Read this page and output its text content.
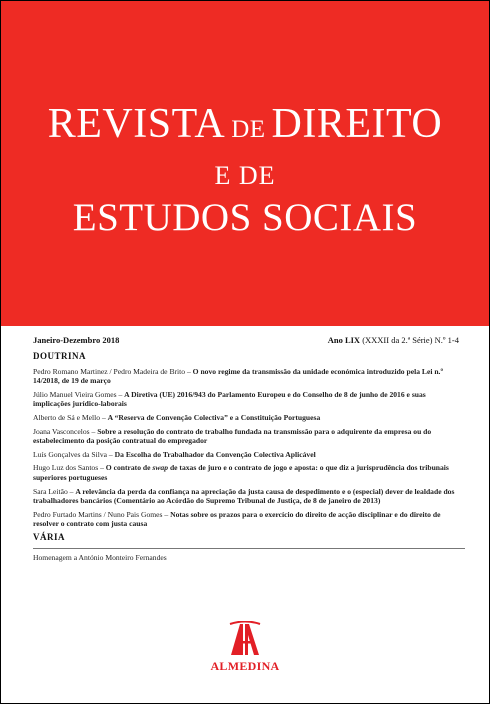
REVISTA DE DIREITO
E DE
ESTUDOS SOCIAIS
Janeiro-Dezembro 2018	Ano LIX (XXXII da 2.ª Série) N.º 1-4
DOUTRINA
Pedro Romano Martinez / Pedro Madeira de Brito – O novo regime da transmissão da unidade económica introduzido pela Lei n.º 14/2018, de 19 de março
Júlio Manuel Vieira Gomes – A Diretiva (UE) 2016/943 do Parlamento Europeu e do Conselho de 8 de junho de 2016 e suas implicações jurídico-laborais
Alberto de Sá e Mello – A “Reserva de Convenção Colectiva” e a Constituição Portuguesa
Joana Vasconcelos – Sobre a resolução do contrato de trabalho fundada na transmissão para o adquirente da empresa ou do estabelecimento da posição contratual do empregador
Luís Gonçalves da Silva – Da Escolha do Trabalhador da Convenção Colectiva Aplicável
Hugo Luz dos Santos – O contrato de swap de taxas de juro e o contrato de jogo e aposta: o que diz a jurisprudência dos tribunais superiores portugueses
Sara Leitão – A relevância da perda da confiança na apreciação da justa causa de despedimento e o (especial) dever de lealdade dos trabalhadores bancários (Comentário ao Acórdão do Supremo Tribunal de Justiça, de 8 de janeiro de 2013)
Pedro Furtado Martins / Nuno Pais Gomes – Notas sobre os prazos para o exercício do direito de acção disciplinar e do direito de resolver o contrato com justa causa
VÁRIA
Homenagem a António Monteiro Fernandes
ALMEDINA
